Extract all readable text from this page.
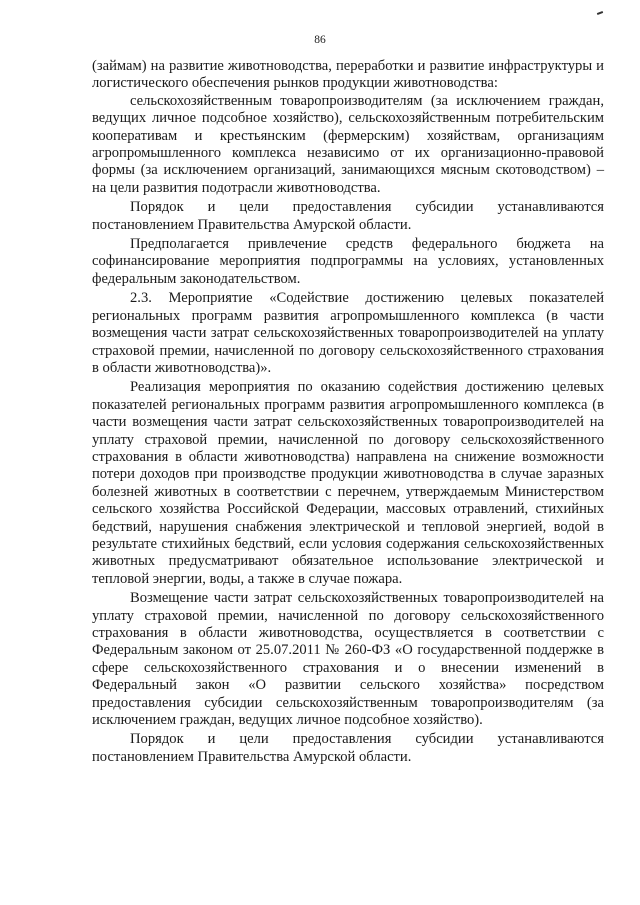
86

(займам) на развитие животноводства, переработки и развитие инфраструктуры и логистического обеспечения рынков продукции животноводства:

сельскохозяйственным товаропроизводителям (за исключением граждан, ведущих личное подсобное хозяйство), сельскохозяйственным потребительским кооперативам и крестьянским (фермерским) хозяйствам, организациям агропромышленного комплекса независимо от их организационно-правовой формы (за исключением организаций, занимающихся мясным скотоводством) – на цели развития подотрасли животноводства.

Порядок и цели предоставления субсидии устанавливаются постановлением Правительства Амурской области.

Предполагается привлечение средств федерального бюджета на софинансирование мероприятия подпрограммы на условиях, установленных федеральным законодательством.

2.3. Мероприятие «Содействие достижению целевых показателей региональных программ развития агропромышленного комплекса (в части возмещения части затрат сельскохозяйственных товаропроизводителей на уплату страховой премии, начисленной по договору сельскохозяйственного страхования в области животноводства)».

Реализация мероприятия по оказанию содействия достижению целевых показателей региональных программ развития агропромышленного комплекса (в части возмещения части затрат сельскохозяйственных товаропроизводителей на уплату страховой премии, начисленной по договору сельскохозяйственного страхования в области животноводства) направлена на снижение возможности потери доходов при производстве продукции животноводства в случае заразных болезней животных в соответствии с перечнем, утверждаемым Министерством сельского хозяйства Российской Федерации, массовых отравлений, стихийных бедствий, нарушения снабжения электрической и тепловой энергией, водой в результате стихийных бедствий, если условия содержания сельскохозяйственных животных предусматривают обязательное использование электрической и тепловой энергии, воды, а также в случае пожара.

Возмещение части затрат сельскохозяйственных товаропроизводителей на уплату страховой премии, начисленной по договору сельскохозяйственного страхования в области животноводства, осуществляется в соответствии с Федеральным законом от 25.07.2011 № 260-ФЗ «О государственной поддержке в сфере сельскохозяйственного страхования и о внесении изменений в Федеральный закон «О развитии сельского хозяйства» посредством предоставления субсидии сельскохозяйственным товаропроизводителям (за исключением граждан, ведущих личное подсобное хозяйство).

Порядок и цели предоставления субсидии устанавливаются постановлением Правительства Амурской области.
